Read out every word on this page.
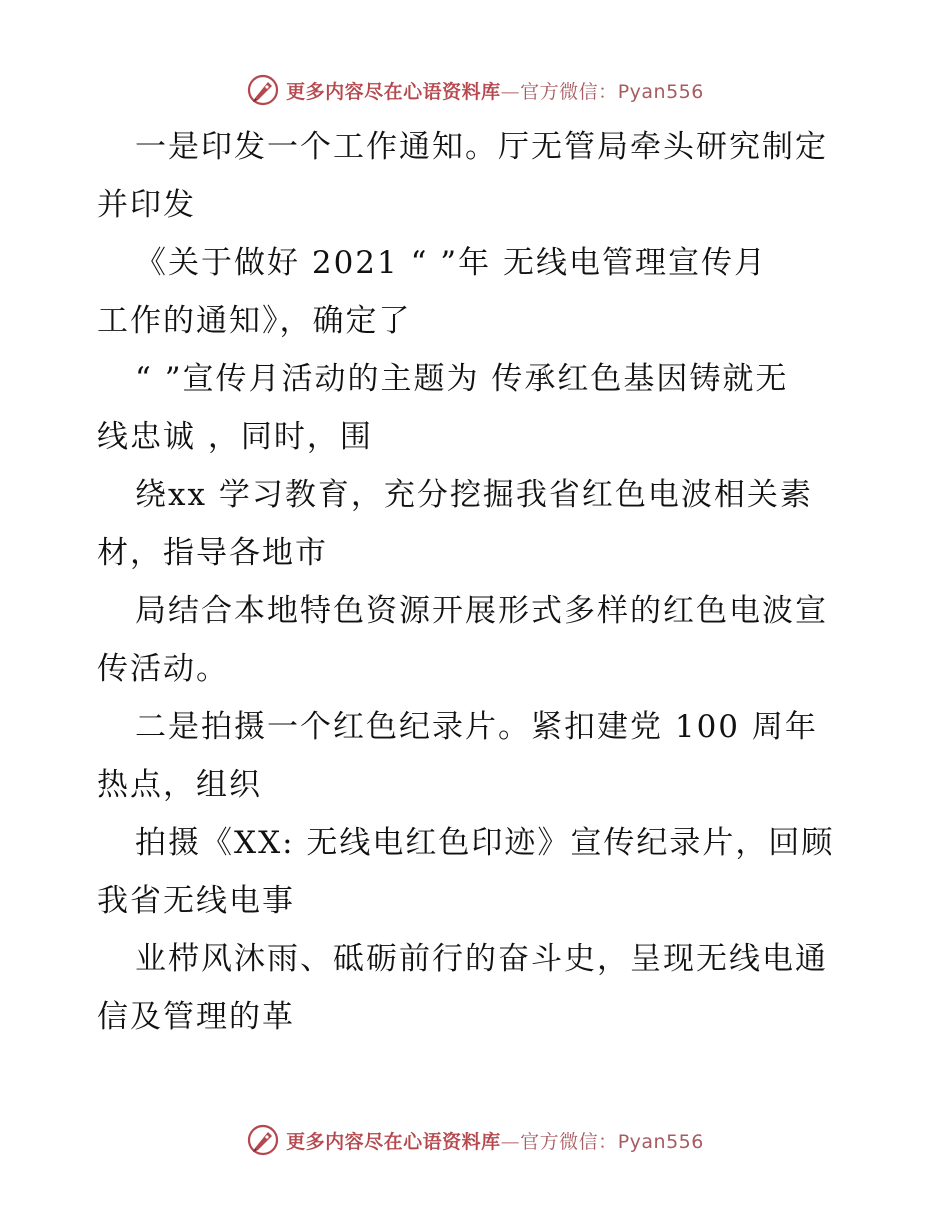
更多内容尽在心语资料库—官方微信：Pyan556
一是印发一个工作通知。厅无管局牵头研究制定
并印发
《关于做好 2021 “ ”年 无线电管理宣传月
工作的通知》，确定了
“ ”宣传月活动的主题为 传承红色基因铸就无
线忠诚 ，同时，围
绕xx 学习教育，充分挖掘我省红色电波相关素
材，指导各地市
局结合本地特色资源开展形式多样的红色电波宣
传活动。
二是拍摄一个红色纪录片。紧扣建党 100 周年
热点，组织
拍摄《XX: 无线电红色印迹》宣传纪录片，回顾
我省无线电事
业栉风沐雨、砥砺前行的奋斗史，呈现无线电通
信及管理的革
更多内容尽在心语资料库—官方微信：Pyan556
